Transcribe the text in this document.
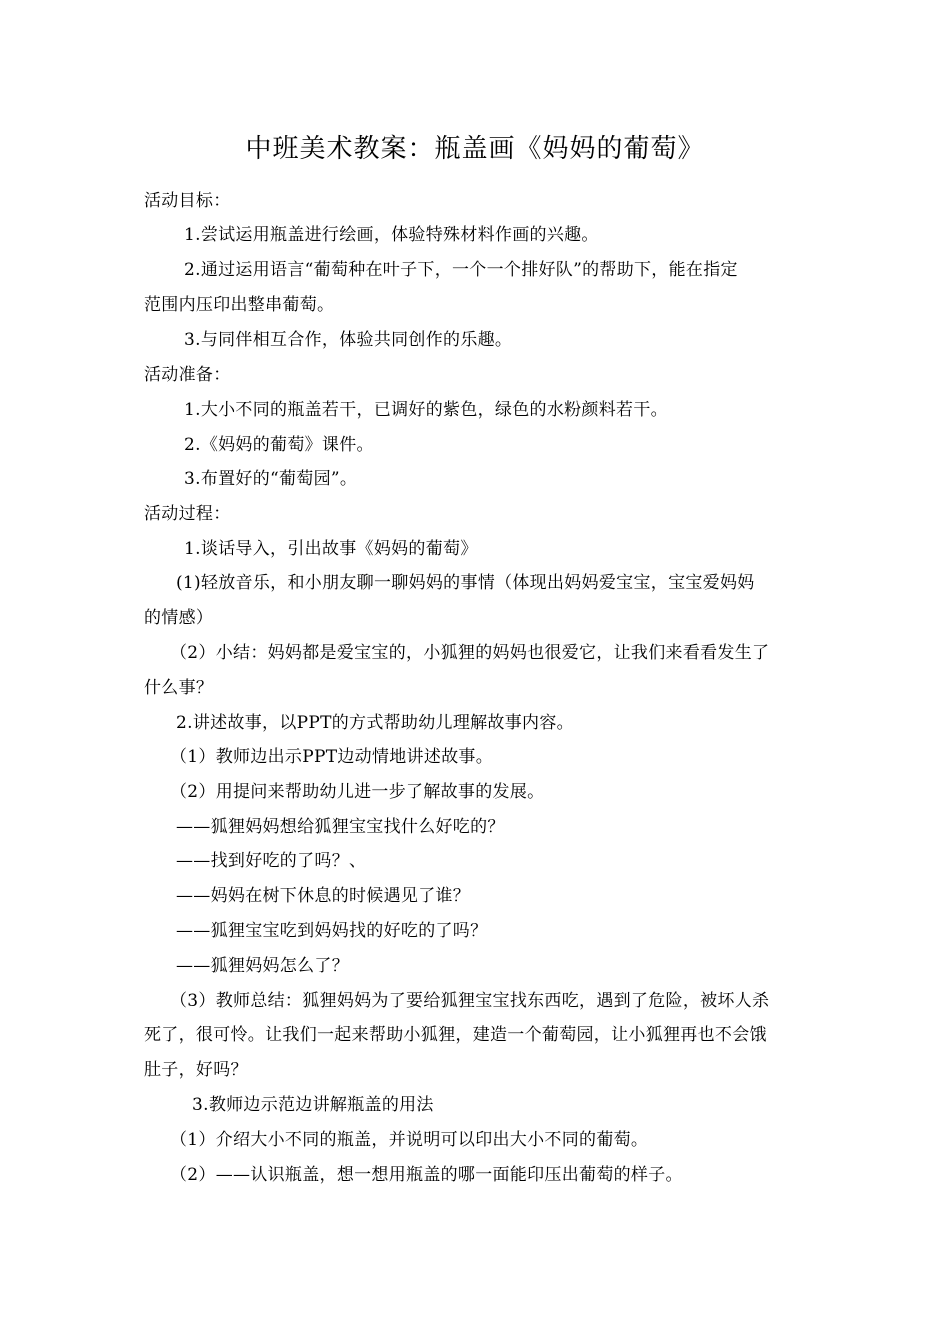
中班美术教案：瓶盖画《妈妈的葡萄》
活动目标：
1.尝试运用瓶盖进行绘画，体验特殊材料作画的兴趣。
2.通过运用语言“葡萄种在叶子下，一个一个排好队”的帮助下，能在指定
范围内压印出整串葡萄。
3.与同伴相互合作，体验共同创作的乐趣。
活动准备：
1.大小不同的瓶盖若干，已调好的紫色，绿色的水粉颜料若干。
2.《妈妈的葡萄》课件。
3.布置好的“葡萄园”。
活动过程：
1.谈话导入，引出故事《妈妈的葡萄》
(1)轻放音乐，和小朋友聊一聊妈妈的事情（体现出妈妈爱宝宝，宝宝爱妈妈
的情感）
（2）小结：妈妈都是爱宝宝的，小狐狸的妈妈也很爱它，让我们来看看发生了
什么事？
2.讲述故事，以PPT的方式帮助幼儿理解故事内容。
（1）教师边出示PPT边动情地讲述故事。
（2）用提问来帮助幼儿进一步了解故事的发展。
——狐狸妈妈想给狐狸宝宝找什么好吃的？
——找到好吃的了吗？、
——妈妈在树下休息的时候遇见了谁？
——狐狸宝宝吃到妈妈找的好吃的了吗？
——狐狸妈妈怎么了？
（3）教师总结：狐狸妈妈为了要给狐狸宝宝找东西吃，遇到了危险，被坏人杀
死了，很可怜。让我们一起来帮助小狐狸，建造一个葡萄园，让小狐狸再也不会饿
肚子，好吗？
3.教师边示范边讲解瓶盖的用法
（1）介绍大小不同的瓶盖，并说明可以印出大小不同的葡萄。
（2）——认识瓶盖，想一想用瓶盖的哪一面能印压出葡萄的样子。
